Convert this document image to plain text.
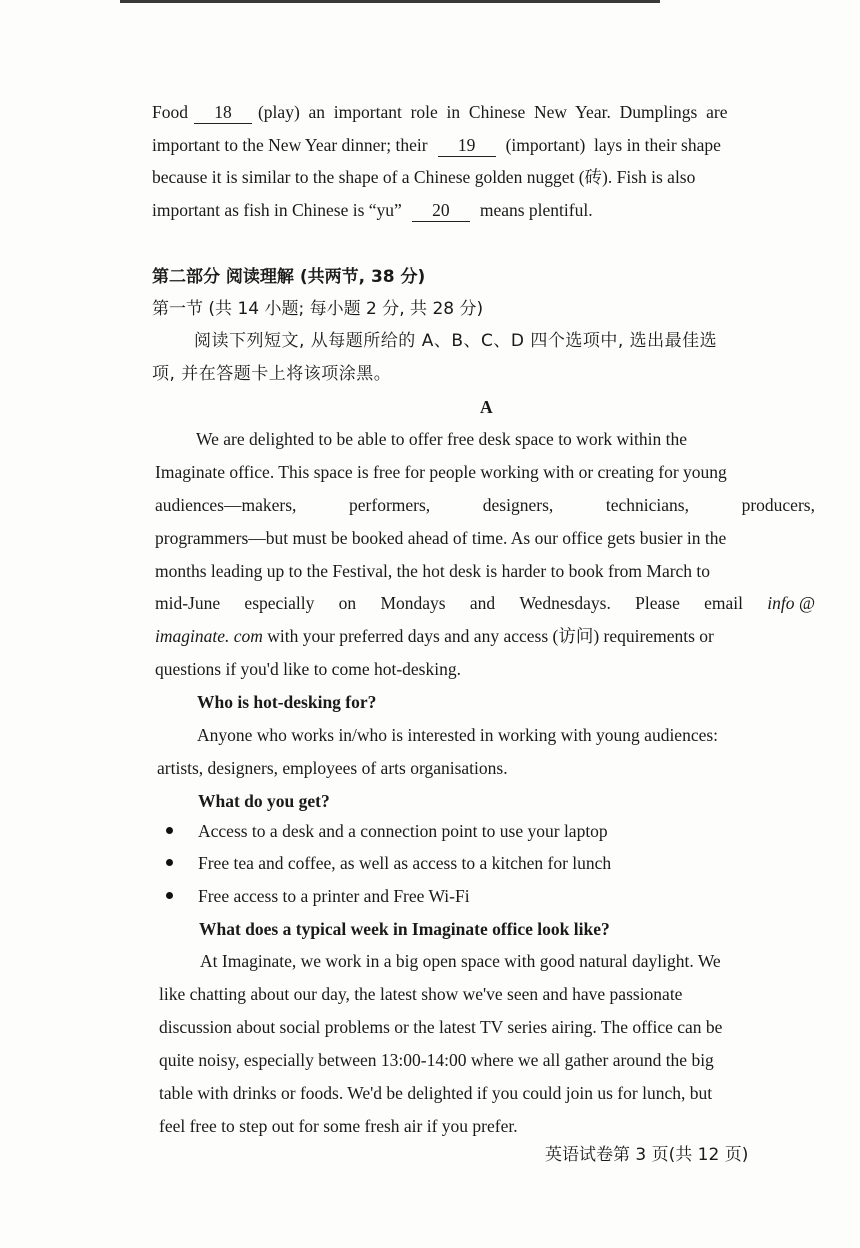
Food 18 (play)  an  important  role  in  Chinese  New  Year.  Dumplings  are
important to the New Year dinner; their 19 (important)  lays in their shape
because it is similar to the shape of a Chinese golden nugget (砖). Fish is also
important as fish in Chinese is “yu” 20 means plentiful.
第二部分 阅读理解 (共两节, 38 分)
第一节 (共 14 小题; 每小题 2 分, 共 28 分)
阅读下列短文, 从每题所给的 A、B、C、D 四个选项中, 选出最佳选
项, 并在答题卡上将该项涂黑。
A
We are delighted to be able to offer free desk space to work within the
Imaginate office. This space is free for people working with or creating for young
audiences—makers,	performers,	designers,	technicians,	producers,
programmers—but must be booked ahead of time. As our office gets busier in the
months leading up to the Festival, the hot desk is harder to book from March to
mid-June especially on Mondays and Wednesdays. Please email info @
imaginate. com with your preferred days and any access (访问) requirements or
questions if you'd like to come hot-desking.
Who is hot-desking for?
Anyone who works in/who is interested in working with young audiences:
artists, designers, employees of arts organisations.
What do you get?
Access to a desk and a connection point to use your laptop
Free tea and coffee, as well as access to a kitchen for lunch
Free access to a printer and Free Wi-Fi
What does a typical week in Imaginate office look like?
At Imaginate, we work in a big open space with good natural daylight. We
like chatting about our day, the latest show we've seen and have passionate
discussion about social problems or the latest TV series airing. The office can be
quite noisy, especially between 13:00-14:00 where we all gather around the big
table with drinks or foods. We'd be delighted if you could join us for lunch, but
feel free to step out for some fresh air if you prefer.
英语试卷第 3 页(共 12 页)
